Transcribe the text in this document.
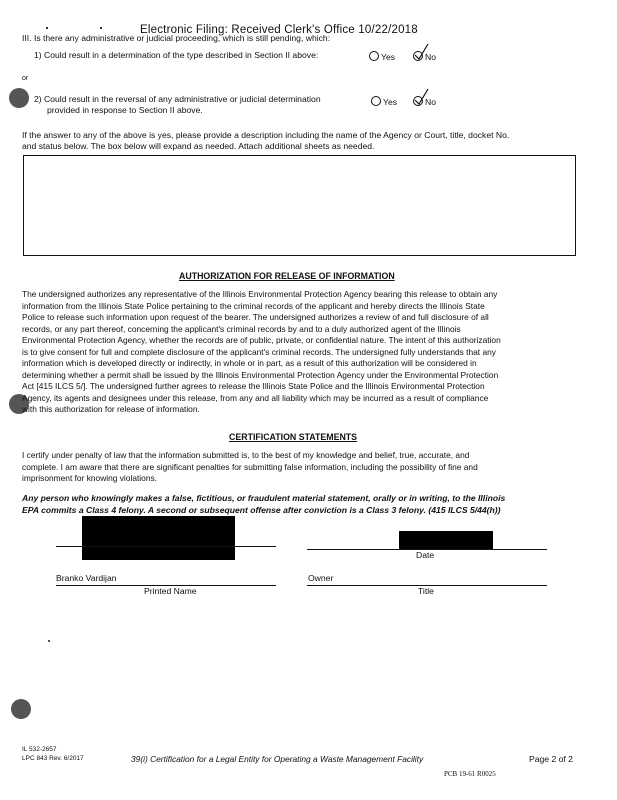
Electronic Filing: Received Clerk's Office 10/22/2018
III. Is there any administrative or judicial proceeding, which is still pending, which:
1) Could result in a determination of the type described in Section II above:	Yes	No
or
2) Could result in the reversal of any administrative or judicial determination
provided in response to Section II above.
Yes	No
If the answer to any of the above is yes, please provide a description including the name of the Agency or Court, title, docket No.
and status below. The box below will expand as needed. Attach additional sheets as needed.
AUTHORIZATION FOR RELEASE OF INFORMATION
The undersigned authorizes any representative of the Illinois Environmental Protection Agency bearing this release to obtain any
information from the Illinois State Police pertaining to the criminal records of the applicant and hereby directs the Illinois State
Police to release such information upon request of the bearer. The undersigned authorizes a review of and full disclosure of all
records, or any part thereof, concerning the applicant's criminal records by and to a duly authorized agent of the Illinois
Environmental Protection Agency, whether the records are of public, private, or confidential nature. The intent of this authorization
is to give consent for full and complete disclosure of the applicant's criminal records. The undersigned fully understands that any
information which is developed directly or indirectly, in whole or in part, as a result of this authorization will be considered in
determining whether a permit shall be issued by the Illinois Environmental Protection Agency under the Environmental Protection
Act [415 ILCS 5/]. The undersigned further agrees to release the Illinois State Police and the Illinois Environmental Protection
Agency, its agents and designees under this release, from any and all liability which may be incurred as a result of compliance
with this authorization for release of information.
CERTIFICATION STATEMENTS
I certify under penalty of law that the information submitted is, to the best of my knowledge and belief, true, accurate, and
complete. I am aware that there are significant penalties for submitting false information, including the possibility of fine and
imprisonment for knowing violations.
Any person who knowingly makes a false, fictitious, or fraudulent material statement, orally or in writing, to the Illinois
EPA commits a Class 4 felony. A second or subsequent offense after conviction is a Class 3 felony. (415 ILCS 5/44(h))
Date
Branko Vardijan
Printed Name
Owner
Title
IL 532-2657
LPC 843 Rev. 6/2017	39(i) Certification for a Legal Entity for Operating a Waste Management Facility	Page 2 of 2
PCB 19-61 R0025
